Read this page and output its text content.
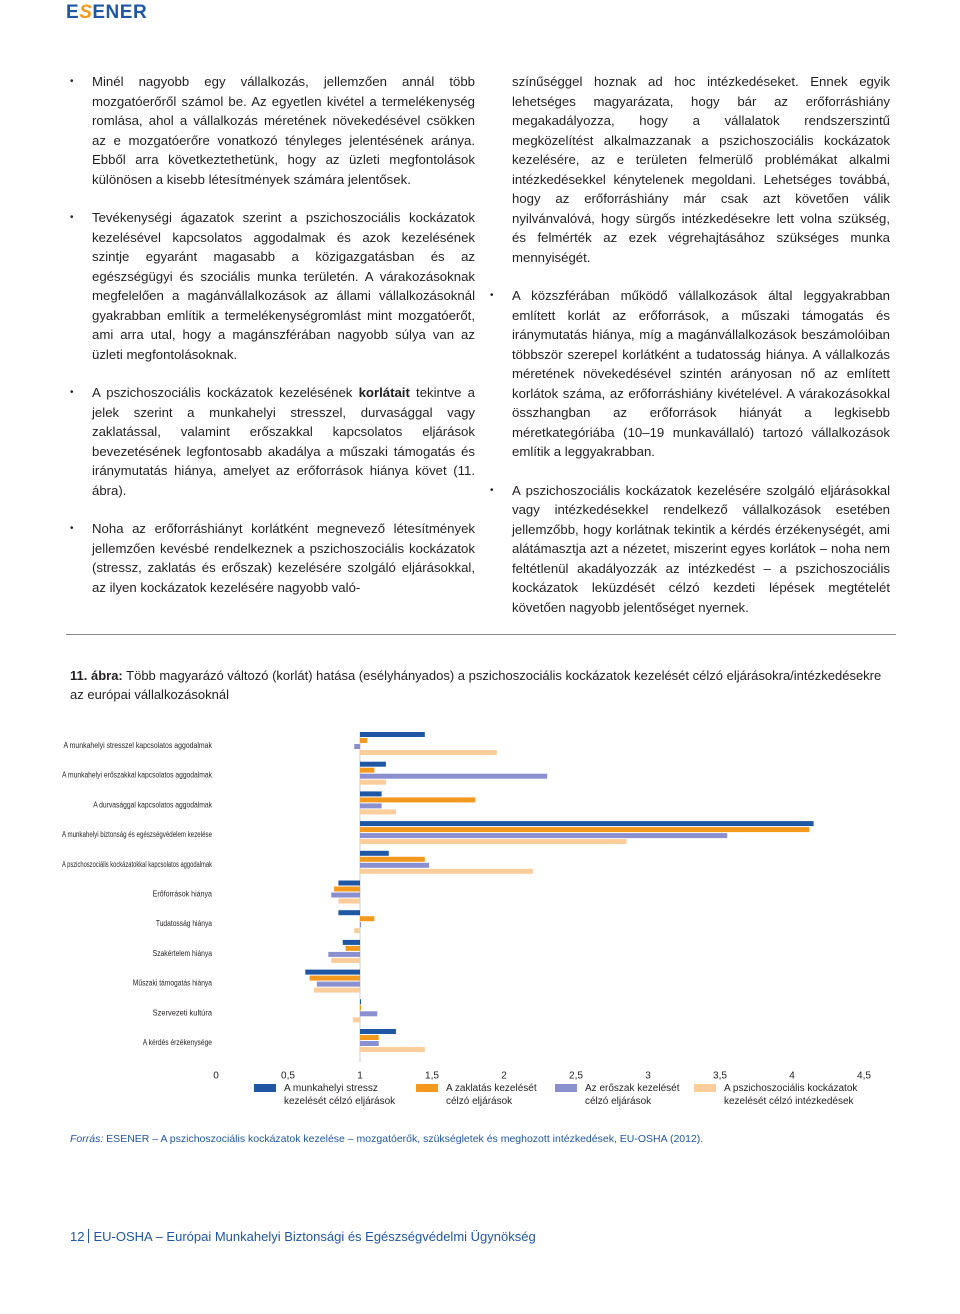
ESENER
• Minél nagyobb egy vállalkozás, jellemzően annál több mozgatóerőről számol be. Az egyetlen kivétel a termelékenység romlása, ahol a vállalkozás méretének növekedésével csökken az e mozgatóerőre vonatkozó tényleges jelentésének aránya. Ebből arra következtethetünk, hogy az üzleti megfontolások különösen a kisebb létesítmények számára jelentősek.
• Tevékenységi ágazatok szerint a pszichoszociális kockázatok kezelésével kapcsolatos aggodalmak és azok kezelésének szintje egyaránt magasabb a közigazgatásban és az egészségügyi és szociális munka területén. A várakozásoknak megfelelően a magánvállalkozások az állami vállalkozásoknál gyakrabban említik a termelékenységromlást mint mozgatóerőt, ami arra utal, hogy a magánszférában nagyobb súlya van az üzleti megfontolásoknak.
• A pszichoszociális kockázatok kezelésének korlátait tekintve a jelek szerint a munkahelyi stresszel, durvasággal vagy zaklatással, valamint erőszakkal kapcsolatos eljárások bevezetésének legfontosabb akadálya a műszaki támogatás és iránymutatás hiánya, amelyet az erőforrások hiánya követ (11. ábra).
• Noha az erőforráshiányt korlátként megnevező létesítmények jellemzően kevésbé rendelkeznek a pszichoszociális kockázatok (stressz, zaklatás és erőszak) kezelésére szolgáló eljárásokkal, az ilyen kockázatok kezelésére nagyobb való-
színűséggel hoznak ad hoc intézkedéseket. Ennek egyik lehetséges magyarázata, hogy bár az erőforráshiány megakadályozza, hogy a vállalatok rendszerszintű megközelítést alkalmazzanak a pszichoszociális kockázatok kezelésére, az e területen felmerülő problémákat alkalmi intézkedésekkel kénytelenek megoldani. Lehetséges továbbá, hogy az erőforráshiány már csak azt követően válik nyilvánvalóvá, hogy sürgős intézkedésekre lett volna szükség, és felmérték az ezek végrehajtásához szükséges munka mennyiségét.
• A közszférában működő vállalkozások által leggyakrabban említett korlát az erőforrások, a műszaki támogatás és iránymutatás hiánya, míg a magánvállalkozások beszámolóiban többször szerepel korlátként a tudatosság hiánya. A vállalkozás méretének növekedésével szintén arányosan nő az említett korlátok száma, az erőforráshiány kivételével. A várakozásokkal összhangban az erőforrások hiányát a legkisebb méretkategóriába (10–19 munkavállaló) tartozó vállalkozások említik a leggyakrabban.
• A pszichoszociális kockázatok kezelésére szolgáló eljárásokkal vagy intézkedésekkel rendelkező vállalkozások esetében jellemzőbb, hogy korlátnak tekintik a kérdés érzékenységét, ami alátámasztja azt a nézetet, miszerint egyes korlátok – noha nem feltétlenül akadályozzák az intézkedést – a pszichoszociális kockázatok leküzdését célzó kezdeti lépések megtételét követően nagyobb jelentőséget nyernek.
11. ábra: Több magyarázó változó (korlát) hatása (esélyhányados) a pszichoszociális kockázatok kezelését célzó eljárásokra/intézkedésekre az európai vállalkozásoknál
A munkahelyi stresszel kapcsolatos aggodalmak
A munkahelyi erőszakkal kapcsolatos aggodalmak
A durvasággal kapcsolatos aggodalmak
A munkahelyi biztonság és egészségvédelem kezelése
A pszichoszociális kockázatokkal kapcsolatos aggodalmak
Erőforrások hiánya
Tudatosság hiánya
Szakértelem hiánya
Műszaki támogatás hiánya
Szervezeti kultúra
A kérdés érzékenysége
0	0,5	1	1,5	2	2,5	3	3,5	4	4,5
A munkahelyi stressz
kezelését célzó eljárások
A zaklatás kezelését
célzó eljárások
Az erőszak kezelését
célzó eljárások
A pszichoszociális kockázatok
kezelését célzó intézkedések
Forrás: ESENER – A pszichoszociális kockázatok kezelése – mozgatóerők, szükségletek és meghozott intézkedések, EU-OSHA (2012).
12 EU-OSHA – Európai Munkahelyi Biztonsági és Egészségvédelmi Ügynökség
